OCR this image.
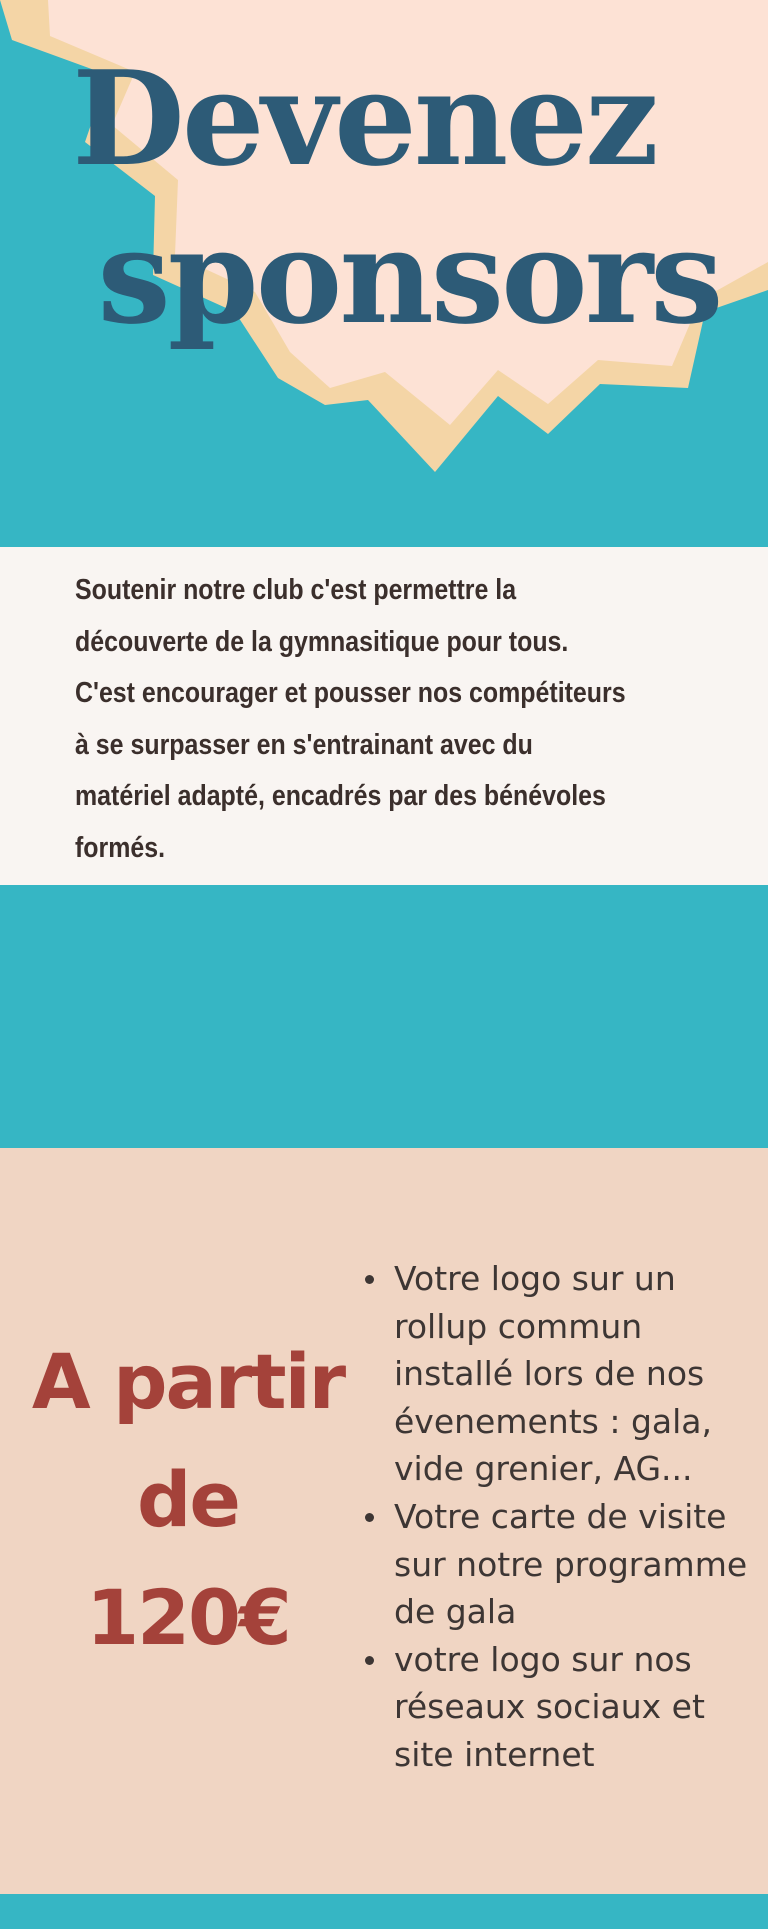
Devenez
sponsors

Soutenir notre club c'est permettre la
découverte de la gymnasitique pour tous.
C'est encourager et pousser nos compétiteurs
à se surpasser en s'entrainant avec du
matériel adapté, encadrés par des bénévoles
formés.

A partir
de
120€
Votre logo sur un rollup commun installé lors de nos évenements : gala, vide grenier, AG...
Votre carte de visite sur notre programme de gala
votre logo sur nos réseaux sociaux et site internet
